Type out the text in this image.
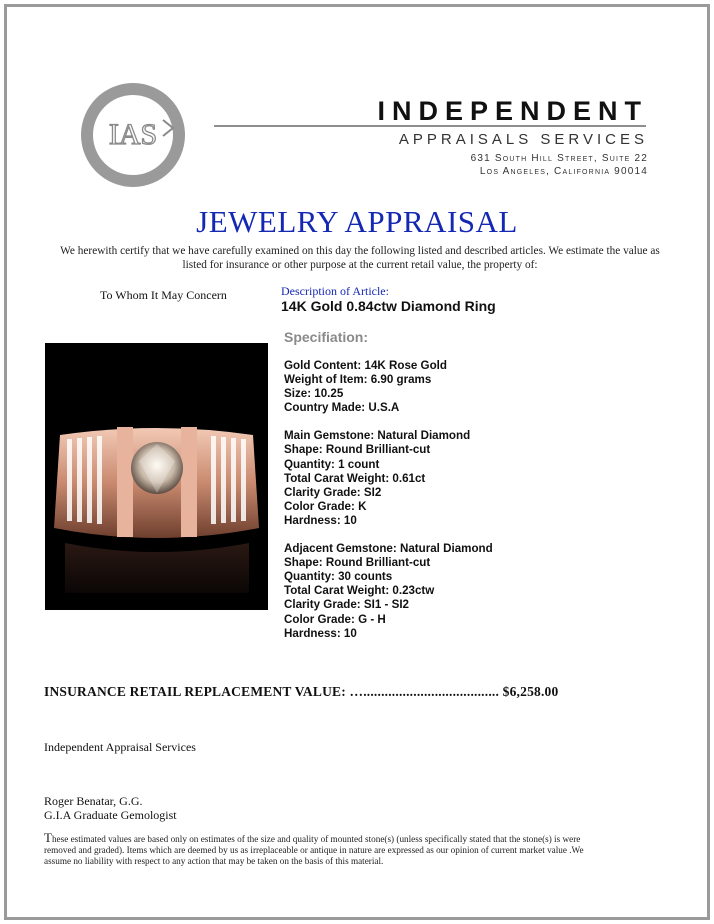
IAS
Appraisal
INDEPENDENT
APPRAISALS SERVICES
631 South Hill Street, Suite 22
Los Angeles, California 90014
JEWELRY APPRAISAL
We herewith certify that we have carefully examined on this day the following listed and described articles. We estimate the value as listed for insurance or other purpose at the current retail value, the property of:
To Whom It May Concern	Description of Article:
14K Gold 0.84ctw Diamond Ring
Specifiation:
Gold Content: 14K Rose Gold
Weight of Item: 6.90 grams
Size: 10.25
Country Made: U.S.A
Main Gemstone: Natural Diamond
Shape: Round Brilliant-cut
Quantity: 1 count
Total Carat Weight: 0.61ct
Clarity Grade: SI2
Color Grade: K
Hardness: 10
Adjacent Gemstone: Natural Diamond
Shape: Round Brilliant-cut
Quantity: 30 counts
Total Carat Weight: 0.23ctw
Clarity Grade: SI1 - SI2
Color Grade: G - H
Hardness: 10
INSURANCE RETAIL REPLACEMENT VALUE: …...................................... $6,258.00
Independent Appraisal Services
Roger Benatar, G.G.
G.I.A Graduate Gemologist
These estimated values are based only on estimates of the size and quality of mounted stone(s) (unless specifically stated that the stone(s) is were removed and graded). Items which are deemed by us as irreplaceable or antique in nature are expressed as our opinion of current market value .We assume no liability with respect to any action that may be taken on the basis of this material.
